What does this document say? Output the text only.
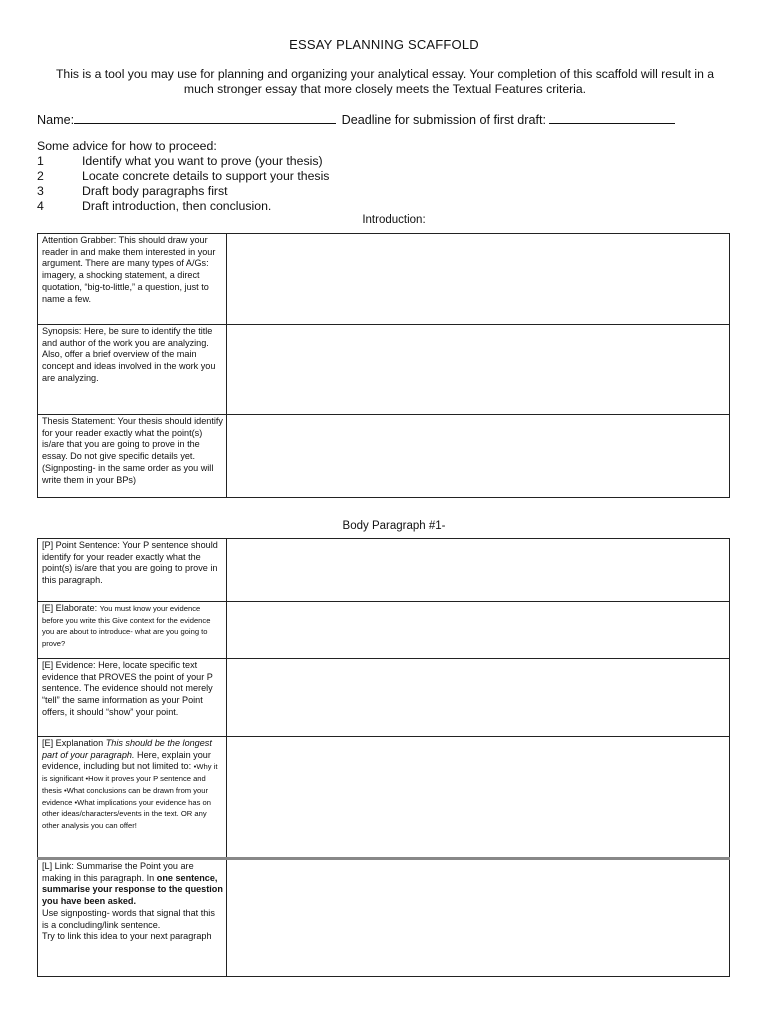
ESSAY PLANNING SCAFFOLD
This is a tool you may use for planning and organizing your analytical essay. Your completion of this scaffold will result in a much stronger essay that more closely meets the Textual Features criteria.
Name:	Deadline for submission of first draft:
Some advice for how to proceed:
1	Identify what you want to prove (your thesis)
2	Locate concrete details to support your thesis
3	Draft body paragraphs first
4	Draft introduction, then conclusion.
Introduction:
Attention Grabber: This should draw your reader in and make them interested in your argument. There are many types of A/Gs: imagery, a shocking statement, a direct quotation, “big-to-little,” a question, just to name a few.	
Synopsis: Here, be sure to identify the title and author of the work you are analyzing. Also, offer a brief overview of the main concept and ideas involved in the work you are analyzing.	
Thesis Statement: Your thesis should identify for your reader exactly what the point(s) is/are that you are going to prove in the essay. Do not give specific details yet. (Signposting- in the same order as you will write them in your BPs)	
Body Paragraph #1-
[P] Point Sentence: Your P sentence should identify for your reader exactly what the point(s) is/are that you are going to prove in this paragraph.	
[E] Elaborate: You must know your evidence before you write this Give context for the evidence you are about to introduce- what are you going to prove?	
[E] Evidence: Here, locate specific text evidence that PROVES the point of your P sentence. The evidence should not merely “tell” the same information as your Point offers, it should “show” your point.	
[E] Explanation This should be the longest part of your paragraph. Here, explain your evidence, including but not limited to: •Why it is significant •How it proves your P sentence and thesis •What conclusions can be drawn from your evidence •What implications your evidence has on other ideas/characters/events in the text. OR any other analysis you can offer!	
[L] Link: Summarise the Point you are making in this paragraph. In one sentence, summarise your response to the question you have been asked.
Use signposting- words that signal that this is a concluding/link sentence.
Try to link this idea to your next paragraph	
